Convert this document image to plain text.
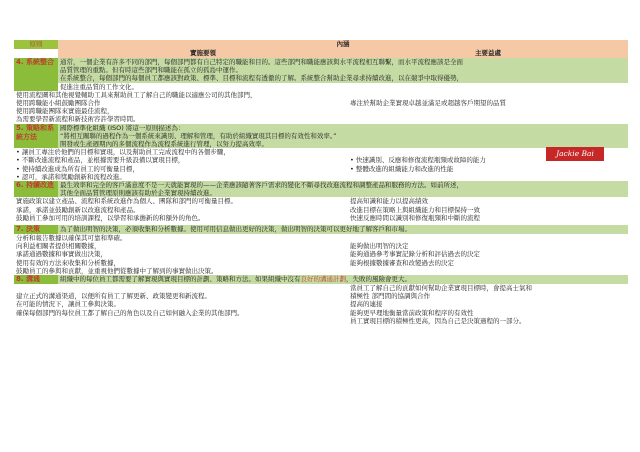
原則	內涵	
	實施要領	主要益處
4. 系統整合	通常，一個企業有許多不同的部門，每個部門都有自己特定的職能和目的。這些部門和職能應該與水平流程相互聯繫，而水平流程應該是全面	
	品質管理的重點。但有時這些部門和職能在孤立的孤島中運作。	
	在系統整合，每個部門的每個員工都應該對政策、標準、目標和流程有透徹的了解。系統整合幫助企業尋求持續改進，以在競爭中取得優勢，	
	促進注重品質的工作文化。	
使用流程圖和其他視覺輔助工具來幫助員工了解自己的職能以適應公司的其他部門，		
使用跨職能小組鼓勵團隊合作		專注於幫助企業實現卓越並滿足或超越客戶期望的品質
使用跨職能團隊來實施最佳流程，		
為需要學習新流程和新技術容許學習時間。		
5. 策略和系統方法	國際標準化組織 (ISO) 將這一原則描述為：	
	“將相互關聯的過程作為一個系統來識別、理解和管理，有助於組織實現其目標的有效性和效率。”	
	開發或生產週期內的多個流程作為流程系統進行管理，以努力提高效率。	
• 讓員工專注於他們的目標和實現，以及幫助員工完成流程中的各個步驟，		
• 不斷改進流程和產品，並根據需要升級設備以實現目標，		• 快速識別、反應和修復流程瓶頸或故障的能力
• 使持續改進成為所有員工的可衡量目標，		• 整體改進的組織能力和改進的性能
• 認可，承諾和獎勵創新和流程改進。		
6. 持續改進	最生效率和完全的客戶滿意度不是一天就能實現的——企業應該隨著客戶需求的變化不斷尋找改進流程和調整產品和服務的方法。如前所述，	
	其他全面品質管理原則應該有助於企業實現持續改進。	
實施政策以建立產品、流程和系統改進作為個人、團隊和部門的可衡量目標。		提高知識和能力以提高績效
承諾，承諾並鼓勵創新以改進流程和產品。		改進目標在策略上與組織能力和目標保持一致
鼓勵員工參加可用的培訓課程，以學習和承擔新的和額外的角色。		快速反應時間以識別和修復瓶頸和中斷的流程

7. 決策	為了做出明智的決策，必須收集和分析數據。使用可用信息做出更好的決策，做出明智的決策可以更好地了解客戶和市場。	
分析和報告數據以確保其可靠和準確。		
向利益相關者提供相關數據，		能夠做出明智的決定
承諾通過數據和事實做出決策，		能夠通過參考事實記錄分析和評估過去的決定
使用有效的方法來收集和分析數據，		能夠根據數據審查和改變過去的決定
鼓勵員工的參與和貢獻，並重視他們從數據中了解到的事實做出決策。		
8. 溝通	組織中的每位員工都需要了解實現與實現目標的計劃、策略和方法。如果組織中沒有良好的溝通計劃，失敗的風險會更大。	
		當員工了解自己的貢獻如何幫助企業實現目標時，會提高士氣和
建立正式的溝通渠道，以便所有員工了解更新、政策變更和新流程。		積極性 部門間的協調與合作
在可能的情況下，讓員工參與決策。		提高的連接
確保每個部門的每位員工都了解自己的角色以及自己如何融入企業的其他部門。		能夠更早理地衡量當前政策和程序的有效性
		員工實現目標的積極性更高，因為自己是決策過程的一部分。
Jackie Bai
